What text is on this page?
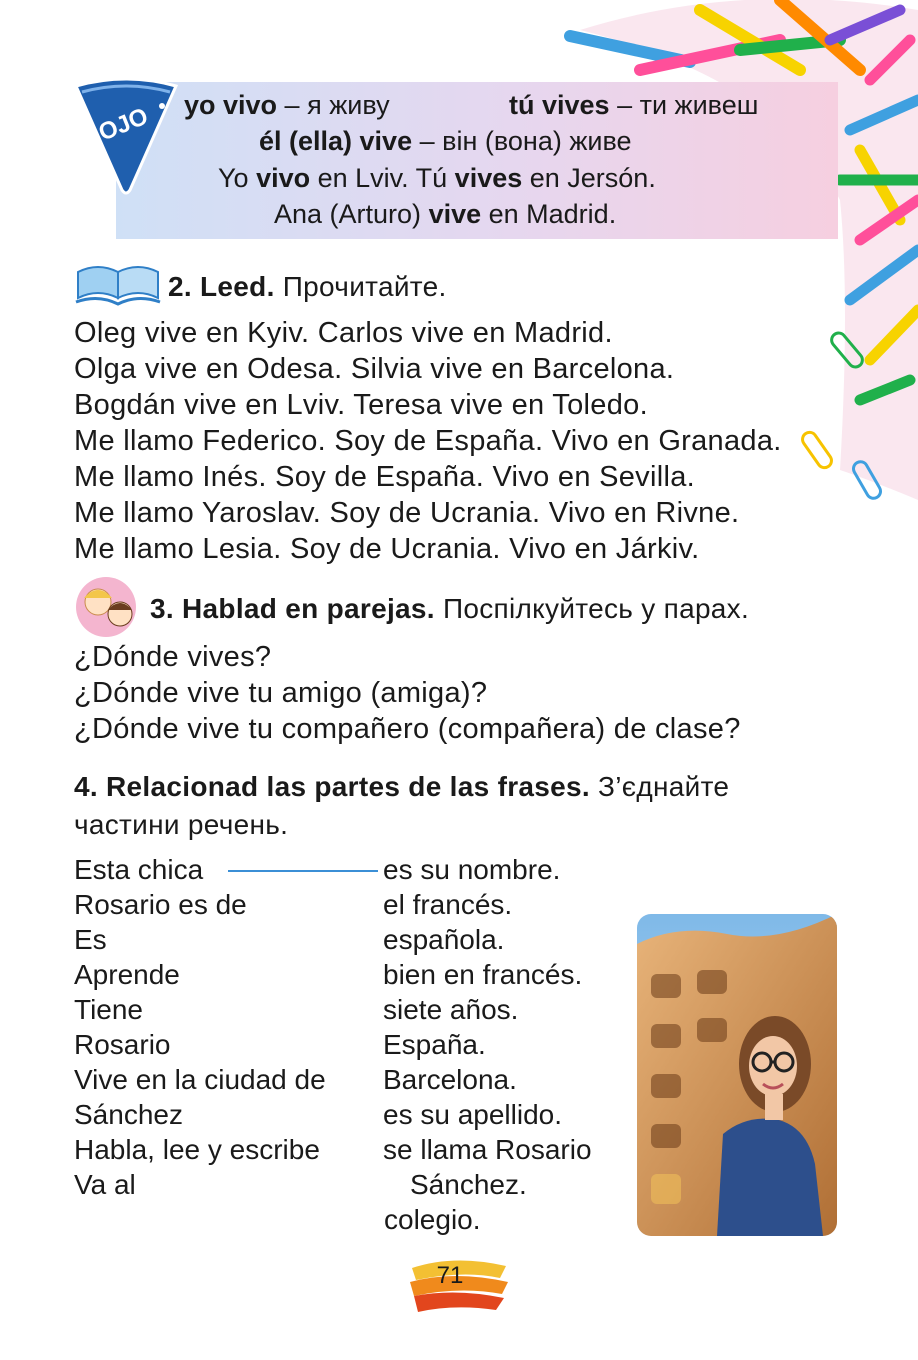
yo vivo – я живу	tú vives – ти живеш
él (ella) vive – він (вона) живе
Yo vivo en Lviv. Tú vives en Jersón.
Ana (Arturo) vive en Madrid.
OJO
2. Leed. Прочитайте.
Oleg vive en Kyiv. Carlos vive en Madrid.
Olga vive en Odesa. Silvia vive en Barcelona.
Bogdán vive en Lviv. Teresa vive en Toledo.
Me llamo Federico. Soy de España. Vivo en Granada.
Me llamo Inés. Soy de España. Vivo en Sevilla.
Me llamo Yaroslav. Soy de Ucrania. Vivo en Rivne.
Me llamo Lesia. Soy de Ucrania. Vivo en Járkiv.
3. Hablad en parejas. Поспілкуйтесь у парах.
¿Dónde vives?
¿Dónde vive tu amigo (amiga)?
¿Dónde vive tu compañero (compañera) de clase?
4. Relacionad las partes de las frases. З’єднайте
частини речень.
Esta chica
Rosario es de
Es
Aprende
Tiene
Rosario
Vive en la ciudad de
Sánchez
Habla, lee y escribe
Va al
es su nombre.
el francés.
española.
bien en francés.
siete años.
España.
Barcelona.
es su apellido.
se llama Rosario
Sánchez.
colegio.
71
